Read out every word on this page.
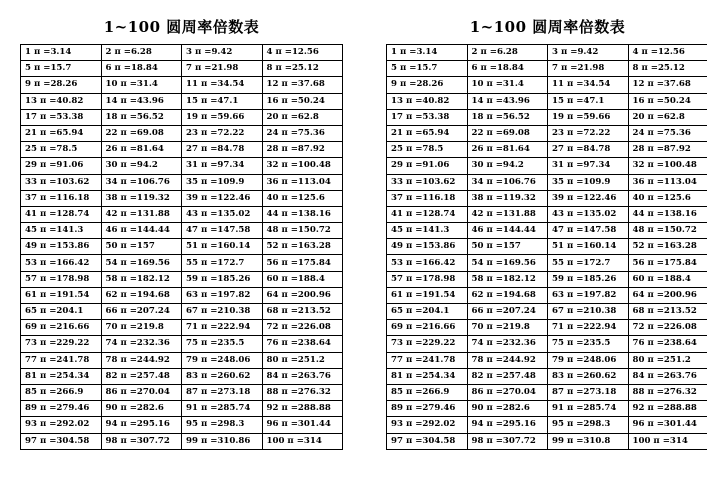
1~100 圆周率倍数表
1 π =3.14	2 π =6.28	3 π =9.42	4 π =12.56
5 π =15.7	6 π =18.84	7 π =21.98	8 π =25.12
9 π =28.26	10 π =31.4	11 π =34.54	12 π =37.68
13 π =40.82	14 π =43.96	15 π =47.1	16 π =50.24
17 π =53.38	18 π =56.52	19 π =59.66	20 π =62.8
21 π =65.94	22 π =69.08	23 π =72.22	24 π =75.36
25 π =78.5	26 π =81.64	27 π =84.78	28 π =87.92
29 π =91.06	30 π =94.2	31 π =97.34	32 π =100.48
33 π =103.62	34 π =106.76	35 π =109.9	36 π =113.04
37 π =116.18	38 π =119.32	39 π =122.46	40 π =125.6
41 π =128.74	42 π =131.88	43 π =135.02	44 π =138.16
45 π =141.3	46 π =144.44	47 π =147.58	48 π =150.72
49 π =153.86	50 π =157	51 π =160.14	52 π =163.28
53 π =166.42	54 π =169.56	55 π =172.7	56 π =175.84
57 π =178.98	58 π =182.12	59 π =185.26	60 π =188.4
61 π =191.54	62 π =194.68	63 π =197.82	64 π =200.96
65 π =204.1	66 π =207.24	67 π =210.38	68 π =213.52
69 π =216.66	70 π =219.8	71 π =222.94	72 π =226.08
73 π =229.22	74 π =232.36	75 π =235.5	76 π =238.64
77 π =241.78	78 π =244.92	79 π =248.06	80 π =251.2
81 π =254.34	82 π =257.48	83 π =260.62	84 π =263.76
85 π =266.9	86 π =270.04	87 π =273.18	88 π =276.32
89 π =279.46	90 π =282.6	91 π =285.74	92 π =288.88
93 π =292.02	94 π =295.16	95 π =298.3	96 π =301.44
97 π =304.58	98 π =307.72	99 π =310.86	100 π =314
1~100 圆周率倍数表
1 π =3.14	2 π =6.28	3 π =9.42	4 π =12.56
5 π =15.7	6 π =18.84	7 π =21.98	8 π =25.12
9 π =28.26	10 π =31.4	11 π =34.54	12 π =37.68
13 π =40.82	14 π =43.96	15 π =47.1	16 π =50.24
17 π =53.38	18 π =56.52	19 π =59.66	20 π =62.8
21 π =65.94	22 π =69.08	23 π =72.22	24 π =75.36
25 π =78.5	26 π =81.64	27 π =84.78	28 π =87.92
29 π =91.06	30 π =94.2	31 π =97.34	32 π =100.48
33 π =103.62	34 π =106.76	35 π =109.9	36 π =113.04
37 π =116.18	38 π =119.32	39 π =122.46	40 π =125.6
41 π =128.74	42 π =131.88	43 π =135.02	44 π =138.16
45 π =141.3	46 π =144.44	47 π =147.58	48 π =150.72
49 π =153.86	50 π =157	51 π =160.14	52 π =163.28
53 π =166.42	54 π =169.56	55 π =172.7	56 π =175.84
57 π =178.98	58 π =182.12	59 π =185.26	60 π =188.4
61 π =191.54	62 π =194.68	63 π =197.82	64 π =200.96
65 π =204.1	66 π =207.24	67 π =210.38	68 π =213.52
69 π =216.66	70 π =219.8	71 π =222.94	72 π =226.08
73 π =229.22	74 π =232.36	75 π =235.5	76 π =238.64
77 π =241.78	78 π =244.92	79 π =248.06	80 π =251.2
81 π =254.34	82 π =257.48	83 π =260.62	84 π =263.76
85 π =266.9	86 π =270.04	87 π =273.18	88 π =276.32
89 π =279.46	90 π =282.6	91 π =285.74	92 π =288.88
93 π =292.02	94 π =295.16	95 π =298.3	96 π =301.44
97 π =304.58	98 π =307.72	99 π =310.8	100 π =314
